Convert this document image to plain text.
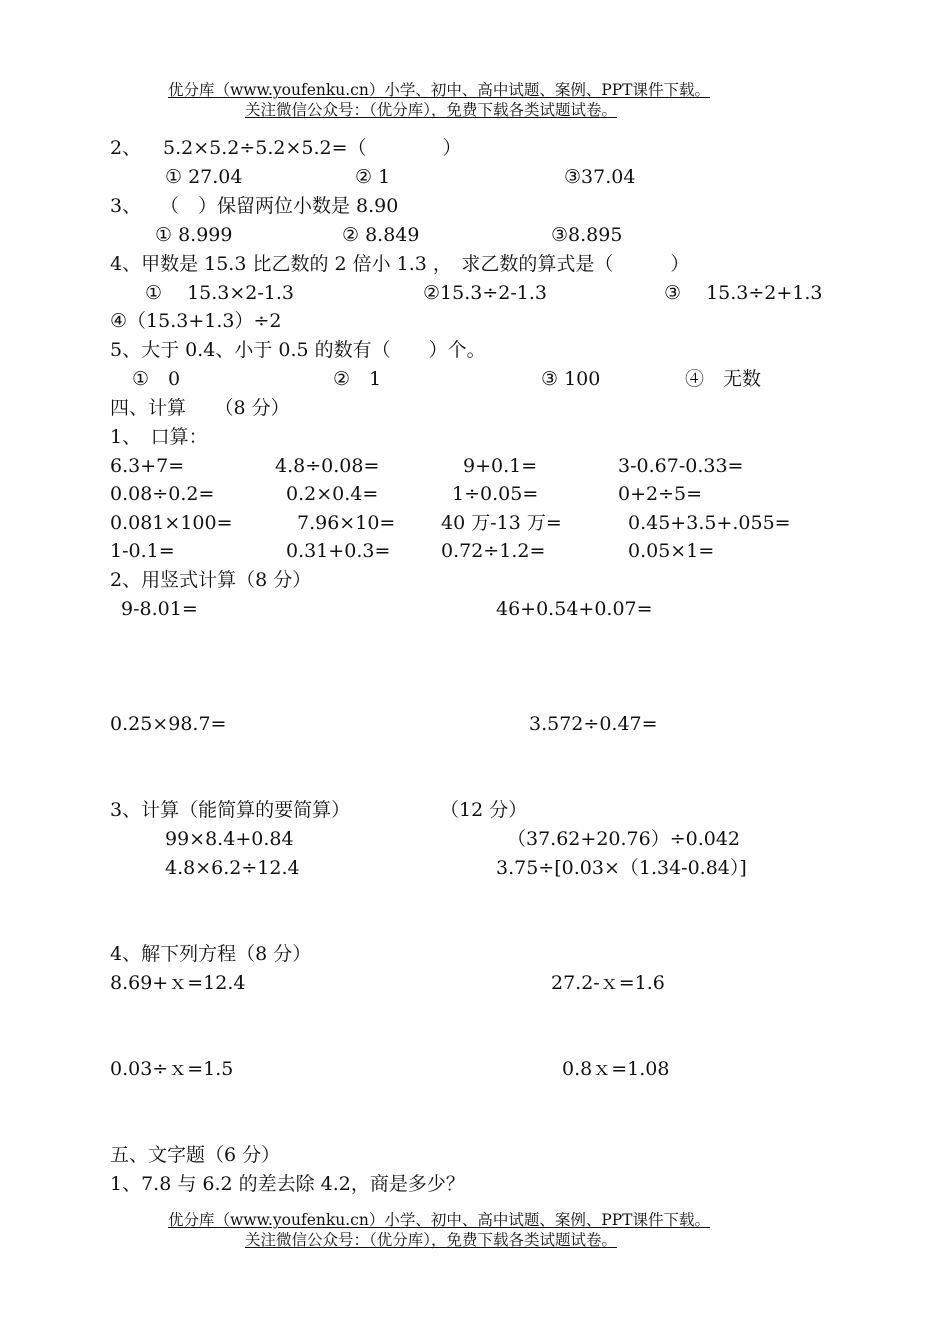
优分库（www.youfenku.cn）小学、初中、高中试题、案例、PPT课件下载。
关注微信公众号：（优分库），免费下载各类试题试卷。
2、 5.2×5.2÷5.2×5.2=（　　　　）
① 27.04	② 1	③37.04
3、 （　）保留两位小数是 8.90
① 8.999	② 8.849	③8.895
4、甲数是 15.3 比乙数的 2 倍小 1.3 ，　求乙数的算式是（　　　）
①　 15.3×2-1.3	②15.3÷2-1.3	③　 15.3÷2+1.3
④（15.3+1.3）÷2
5、大于 0.4、小于 0.5 的数有（　　）个。
①　0	②　1	③ 100	④　无数
四、计算　　（8 分）
1、　口算：
6.3+7=	4.8÷0.08=	9+0.1=	3-0.67-0.33=
0.08÷0.2=	0.2×0.4=	1÷0.05=	0+2÷5=
0.081×100=	7.96×10= 40 万-13 万=	0.45+3.5+.055=
1-0.1=	0.31+0.3=	0.72÷1.2=	0.05×1=
2、用竖式计算（8 分）
9-8.01=	46+0.54+0.07=
0.25×98.7=	3.572÷0.47=
3、计算（能简算的要简算）	（12 分）
99×8.4+0.84	（37.62+20.76）÷0.042
4.8×6.2÷12.4	3.75÷[0.03×（1.34-0.84）]
4、解下列方程（8 分）
8.69+ｘ=12.4	27.2-ｘ=1.6
0.03÷ｘ=1.5	0.8ｘ=1.08
五、文字题（6 分）
1、7.8 与 6.2 的差去除 4.2，商是多少？
优分库（www.youfenku.cn）小学、初中、高中试题、案例、PPT课件下载。
关注微信公众号：（优分库），免费下载各类试题试卷。
